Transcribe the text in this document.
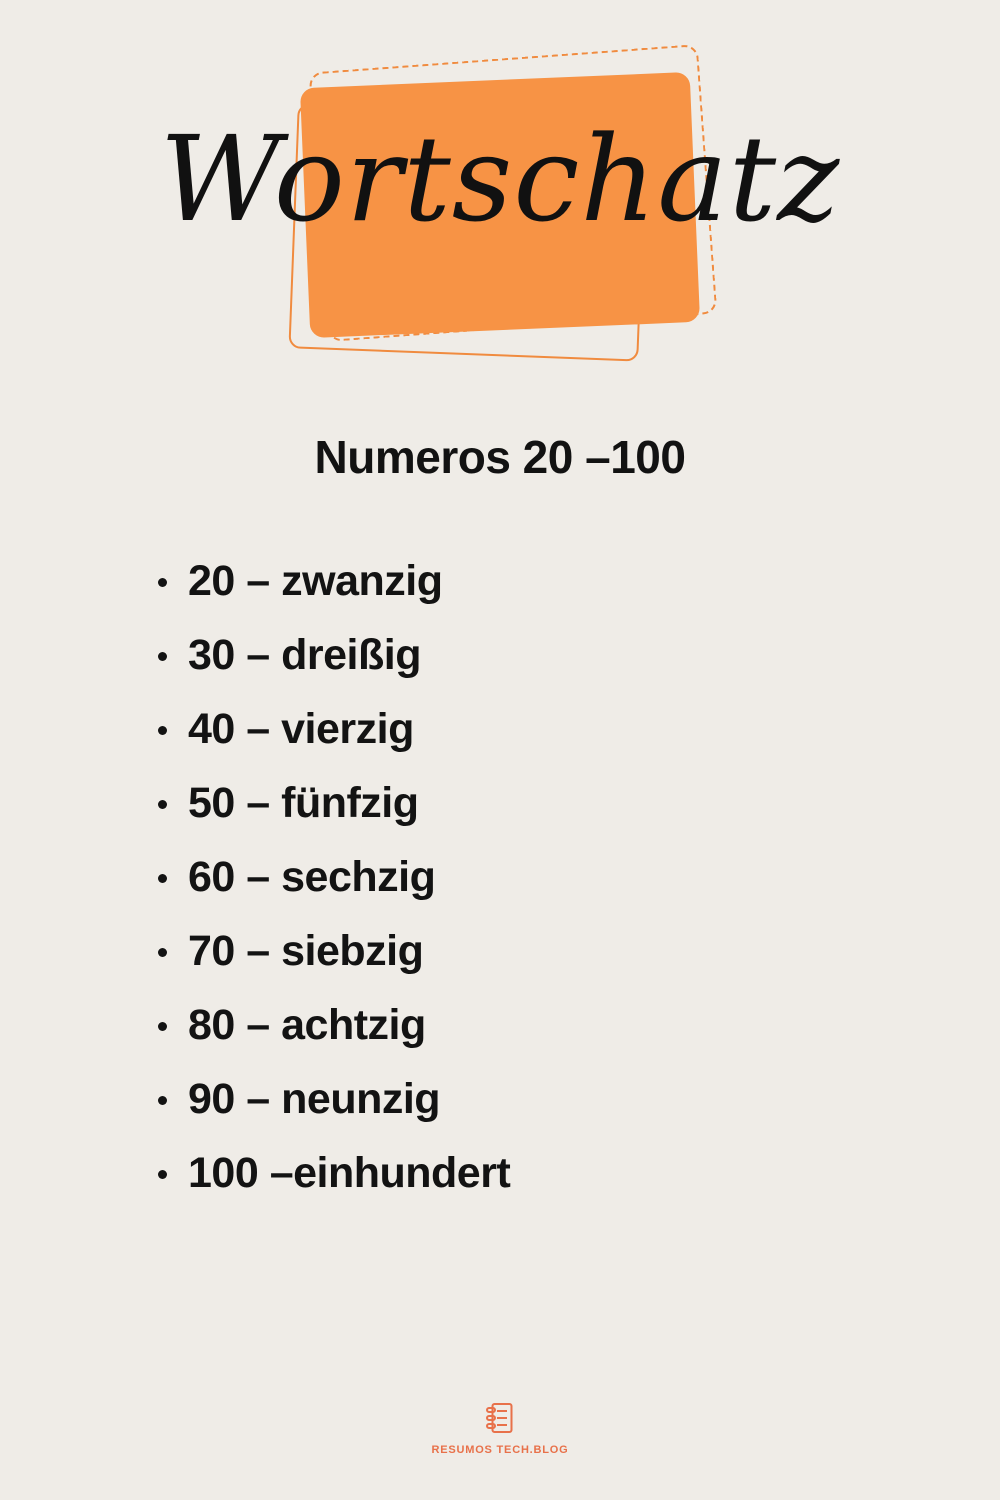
Wortschatz
Numeros 20 –100
20 – zwanzig
30 – dreißig
40 – vierzig
50 – fünfzig
60 – sechzig
70 – siebzig
80 – achtzig
90 – neunzig
100 –einhundert
RESUMOS TECH.BLOG
